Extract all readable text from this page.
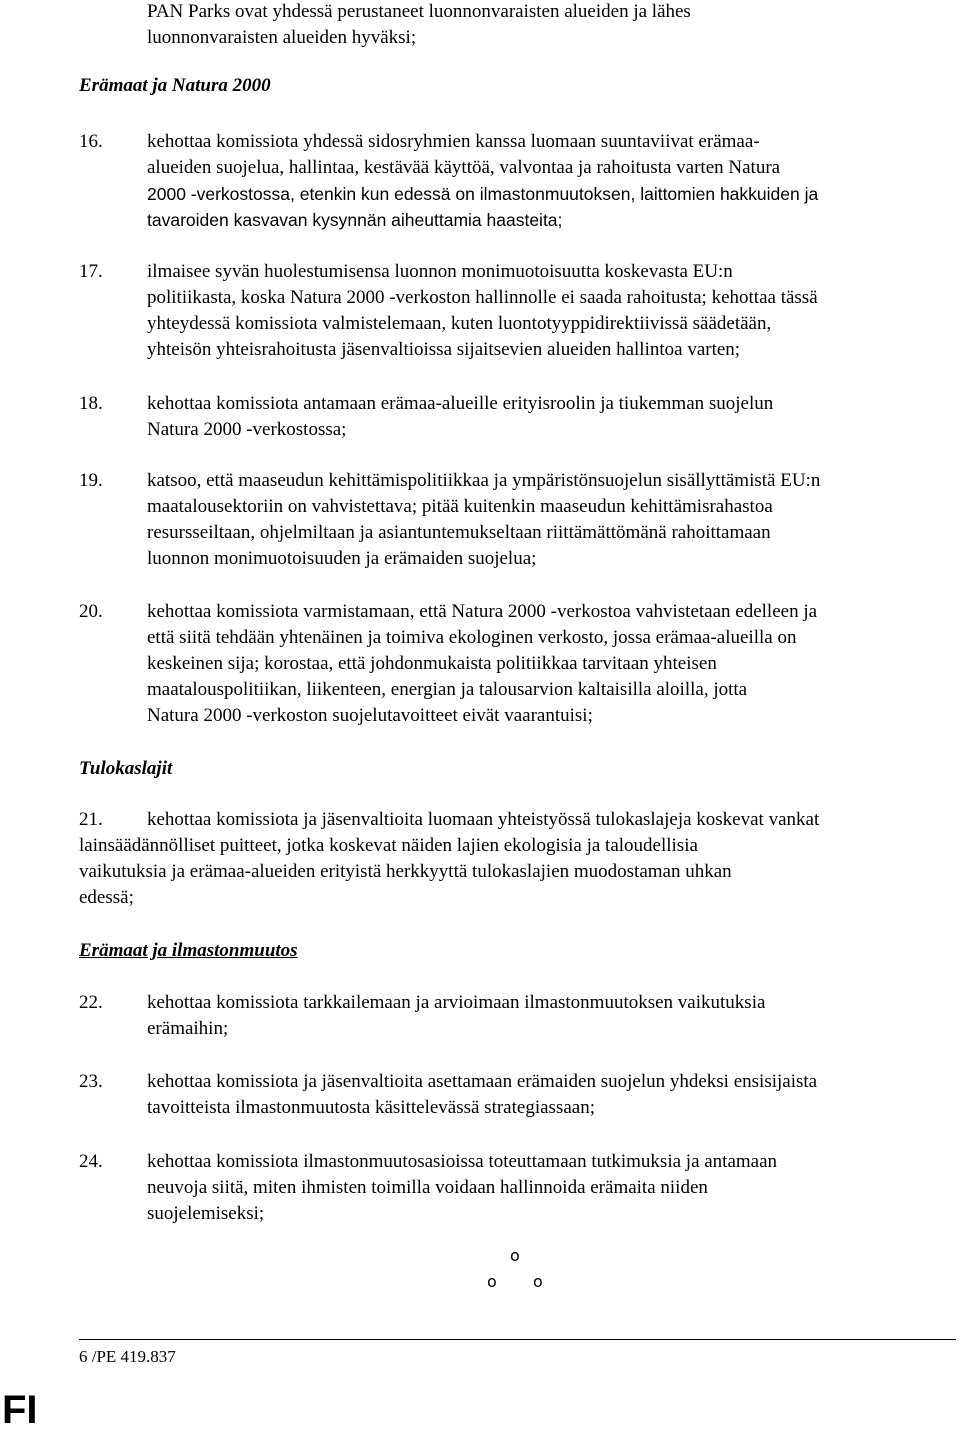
PAN Parks ovat yhdessä perustaneet luonnonvaraisten alueiden ja lähes
luonnonvaraisten alueiden hyväksi;
Erämaat ja Natura 2000
16.	kehottaa komissiota yhdessä sidosryhmien kanssa luomaan suuntaviivat erämaa-
alueiden suojelua, hallintaa, kestävää käyttöä, valvontaa ja rahoitusta varten Natura
2000 -verkostossa, etenkin kun edessä on ilmastonmuutoksen, laittomien hakkuiden ja
tavaroiden kasvavan kysynnän aiheuttamia haasteita;
17.	ilmaisee syvän huolestumisensa luonnon monimuotoisuutta koskevasta EU:n
politiikasta, koska Natura 2000 -verkoston hallinnolle ei saada rahoitusta; kehottaa tässä
yhteydessä komissiota valmistelemaan, kuten luontotyyppidirektiivissä säädetään,
yhteisön yhteisrahoitusta jäsenvaltioissa sijaitsevien alueiden hallintoa varten;
18.	kehottaa komissiota antamaan erämaa-alueille erityisroolin ja tiukemman suojelun
Natura 2000 -verkostossa;
19.	katsoo, että maaseudun kehittämispolitiikkaa ja ympäristönsuojelun sisällyttämistä EU:n
maatalousektoriin on vahvistettava; pitää kuitenkin maaseudun kehittämisrahastoa
resursseiltaan, ohjelmiltaan ja asiantuntemukseltaan riittämättömänä rahoittamaan
luonnon monimuotoisuuden ja erämaiden suojelua;
20.	kehottaa komissiota varmistamaan, että Natura 2000 -verkostoa vahvistetaan edelleen ja
että siitä tehdään yhtenäinen ja toimiva ekologinen verkosto, jossa erämaa-alueilla on
keskeinen sija; korostaa, että johdonmukaista politiikkaa tarvitaan yhteisen
maatalouspolitiikan, liikenteen, energian ja talousarvion kaltaisilla aloilla, jotta
Natura 2000 -verkoston suojelutavoitteet eivät vaarantuisi;
Tulokaslajit
21.	kehottaa komissiota ja jäsenvaltioita luomaan yhteistyössä tulokaslajeja koskevat vankat
lainsäädännölliset puitteet, jotka koskevat näiden lajien ekologisia ja taloudellisia
vaikutuksia ja erämaa-alueiden erityistä herkkyyttä tulokaslajien muodostaman uhkan
edessä;
Erämaat ja ilmastonmuutos
22.	kehottaa komissiota tarkkailemaan ja arvioimaan ilmastonmuutoksen vaikutuksia
erämaihin;
23.	kehottaa komissiota ja jäsenvaltioita asettamaan erämaiden suojelun yhdeksi ensisijaista
tavoitteista ilmastonmuutosta käsittelevässä strategiassaan;
24.	kehottaa komissiota ilmastonmuutosasioissa toteuttamaan tutkimuksia ja antamaan
neuvoja siitä, miten ihmisten toimilla voidaan hallinnoida erämaita niiden
suojelemiseksi;
o
o o
6 /PE 419.837
FI
